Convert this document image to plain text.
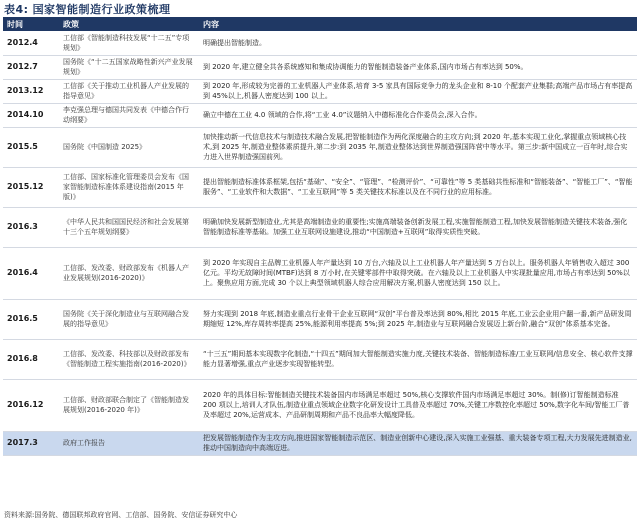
表4: 国家智能制造行业政策梳理
时间	政策	内容
2012.4	工信部《智能制造科技发展“十二五”专项规划》	明确提出智能制造。
2012.7	国务院《“十二五国家战略性新兴产业发展规划》	到 2020 年,建立健全共各系统感知和集成协调能力的智能制造装备产业体系,国内市场占有率达到 50%。
2013.12	工信部《关于推动工业机器人产业发展的指导意见》	到 2020 年,形成较为完善的工业机器人产业体系,培育 3-5 家具有国际竞争力的龙头企业和 8-10 个配套产业集群;高端产品市场占有率提高到 45%以上,机器人密度达到 100 以上。
2014.10	李克强总理与德国共同发表《中德合作行动纲要》	确立中德在工业 4.0 领域的合作,将“工业 4.0”议题纳入中德标准化合作委员会,深入合作。
2015.5	国务院《中国制造 2025》	加快推动新一代信息技术与制造技术融合发展,把智能制造作为两化深度融合的主攻方向;到 2020 年,基本实现工业化,掌握重点领域核心技术,到 2025 年,制造业整体素质提升,第二步:到 2035 年,制造业整体达到世界制造强国阵营中等水平。第三步:新中国成立一百年时,综合实力进入世界制造强国前列。
2015.12	工信部、国家标准化管理委员会发布《国家智能制造标准体系建设指南(2015 年版)》	提出智能制造标准体系框架,包括“基础”、“安全”、“管理”、“检测评价”、“可靠性”等 5 类基础共性标准和“智能装备”、“智能工厂”、“智能服务”、“工业软件和大数据”、“工业互联网”等 5 类关键技术标准以及在不同行业的应用标准。
2016.3	《中华人民共和国国民经济和社会发展第十三个五年规划纲要》	明确加快发展新型制造业,尤其是高端制造业的重要性;实施高端装备创新发展工程,实施智能制造工程,加快发展智能制造关键技术装备,强化智能制造标准等基础。加强工业互联网设施建设,推动“中国制造+互联网”取得实质性突破。
2016.4	工信部、发改委、财政部发布《机器人产业发展规划(2016-2020)》	到 2020 年实现自主品牌工业机器人年产量达到 10 万台,六轴及以上工业机器人年产量达到 5 万台以上。服务机器人年销售收入超过 300 亿元。平均无故障时间(MTBF)达到 8 万小时,在关键零部件中取得突破。在六轴及以上工业机器人中实现批量应用,市场占有率达到 50%以上。聚焦应用方面,完成 30 个以上典型领域机器人综合应用解决方案,机器人密度达到 150 以上。
2016.5	国务院《关于深化制造业与互联网融合发展的指导意见》	努力实现到 2018 年底,制造业重点行业骨干企业互联网“双创”平台普及率达到 80%,相比 2015 年底,工业云企业用户翻一番,新产品研发周期缩短 12%,库存周转率提高 25%,能源利用率提高 5%;到 2025 年,制造业与互联网融合发展迈上新台阶,融合“双创”体系基本完备。
2016.8	工信部、发改委、科技部以及财政部发布《智能制造工程实施指南(2016-2020)》	“十三五”期间基本实现数字化制造,“十四五”期间加大智能制造实施力度,关键技术装备、智能制造标准/工业互联网/信息安全、核心软件支撑能力显著增强,重点产业逐步实现智能转型。
2016.12	工信部、财政部联合制定了《智能制造发展规划(2016-2020 年)》	2020 年的具体目标:智能制造关键技术装备国内市场满足率超过 50%,核心支撑软件国内市场满足率超过 30%。制(修)订智能制造标准 200 项以上,培训人才队伍,制造业重点领域企业数字化研发设计工具普及率超过 70%,关键工序数控化率超过 50%,数字化车间/智能工厂普及率超过 20%,运营成本、产品研制周期和产品不良品率大幅度降低。
2017.3	政府工作报告	把发展智能制造作为主攻方向,推进国家智能制造示范区、制造业创新中心建设,深入实施工业强基、重大装备专项工程,大力发展先进制造业,推动中国制造向中高端迈进。
资料来源:国务院、德国联邦政府官网、工信部、国务院、安信证券研究中心
